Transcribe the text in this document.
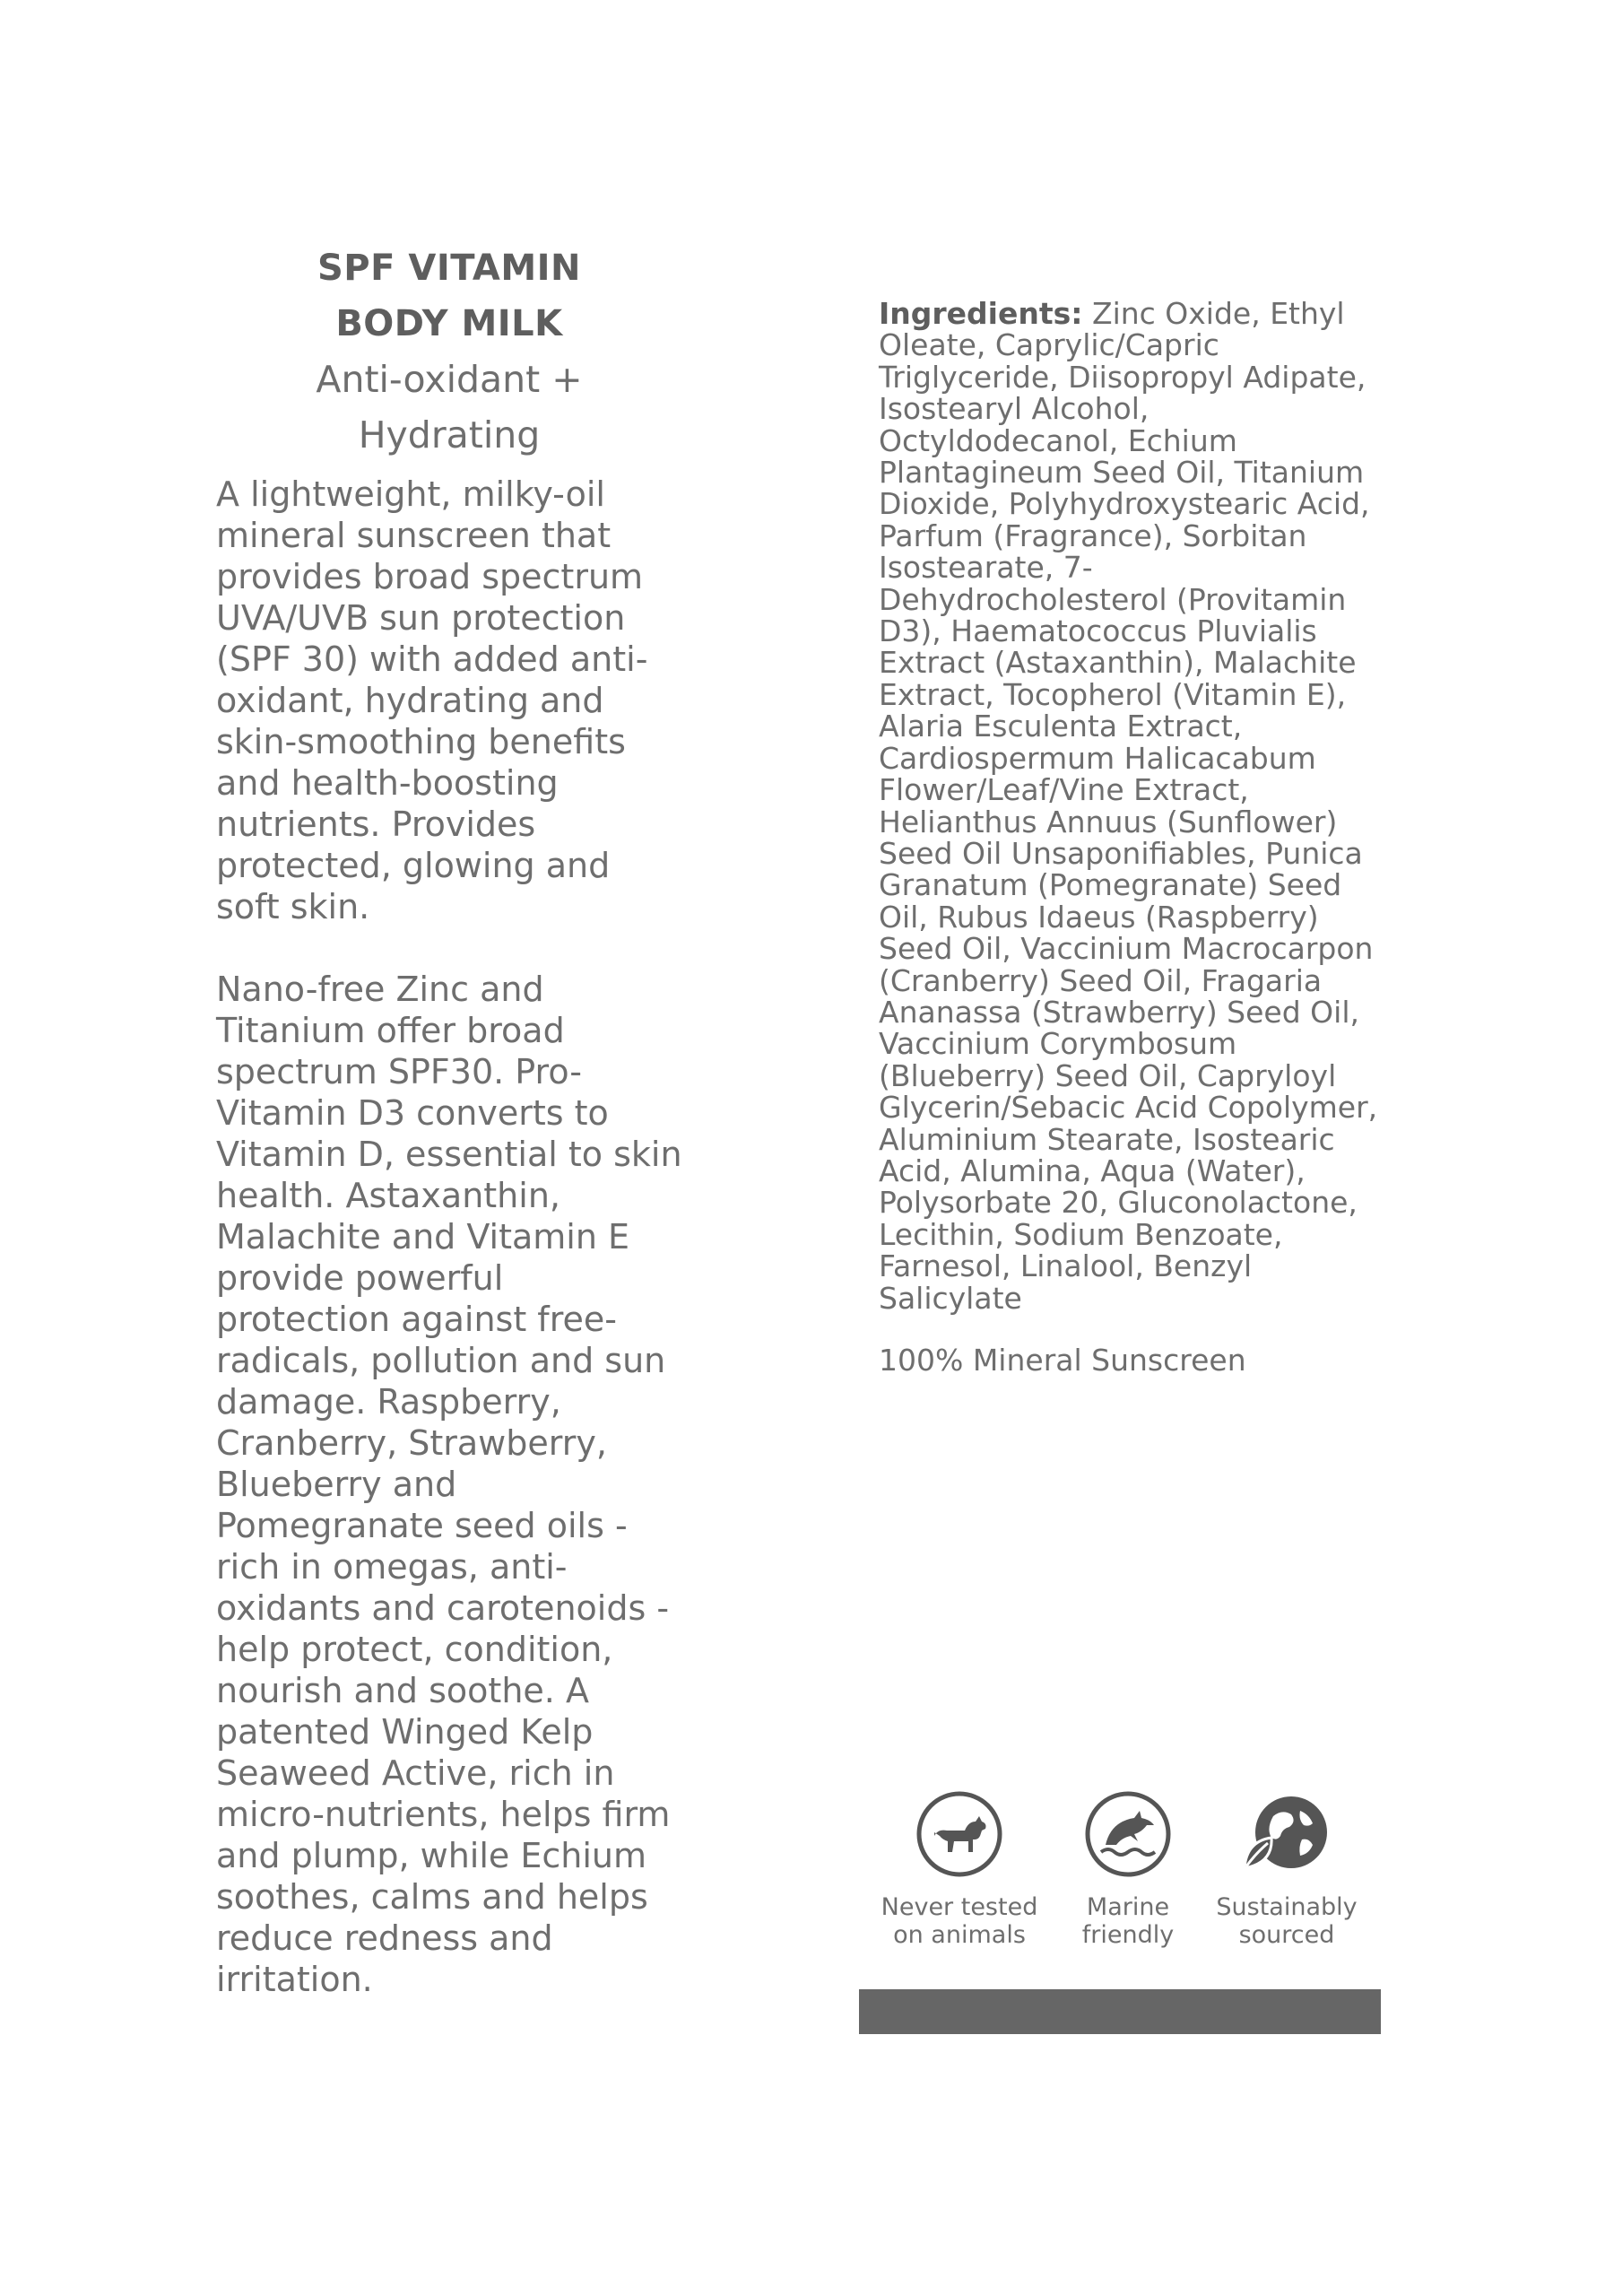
SPF VITAMIN
BODY MILK
Anti-oxidant +
Hydrating

A lightweight, milky-oil mineral sunscreen that provides broad spectrum UVA/UVB sun protection (SPF 30) with added anti-oxidant, hydrating and skin-smoothing benefits and health-boosting nutrients. Provides protected, glowing and soft skin.

Nano-free Zinc and Titanium offer broad spectrum SPF30. Pro-Vitamin D3 converts to Vitamin D, essential to skin health. Astaxanthin, Malachite and Vitamin E provide powerful protection against free-radicals, pollution and sun damage. Raspberry, Cranberry, Strawberry, Blueberry and Pomegranate seed oils - rich in omegas, anti-oxidants and carotenoids - help protect, condition, nourish and soothe. A patented Winged Kelp Seaweed Active, rich in micro-nutrients, helps firm and plump, while Echium soothes, calms and helps reduce redness and irritation.

Ingredients: Zinc Oxide, Ethyl Oleate, Caprylic/Capric Triglyceride, Diisopropyl Adipate, Isostearyl Alcohol, Octyldodecanol, Echium Plantagineum Seed Oil, Titanium Dioxide, Polyhydroxystearic Acid, Parfum (Fragrance), Sorbitan Isostearate, 7-Dehydrocholesterol (Provitamin D3), Haematococcus Pluvialis Extract (Astaxanthin), Malachite Extract, Tocopherol (Vitamin E), Alaria Esculenta Extract, Cardiospermum Halicacabum Flower/Leaf/Vine Extract, Helianthus Annuus (Sunflower) Seed Oil Unsaponifiables, Punica Granatum (Pomegranate) Seed Oil, Rubus Idaeus (Raspberry) Seed Oil, Vaccinium Macrocarpon (Cranberry) Seed Oil, Fragaria Ananassa (Strawberry) Seed Oil, Vaccinium Corymbosum (Blueberry) Seed Oil, Capryloyl Glycerin/Sebacic Acid Copolymer, Aluminium Stearate, Isostearic Acid, Alumina, Aqua (Water), Polysorbate 20, Gluconolactone, Lecithin, Sodium Benzoate, Farnesol, Linalool, Benzyl Salicylate

100% Mineral Sunscreen
Never tested
on animals
Marine
friendly
Sustainably
sourced
